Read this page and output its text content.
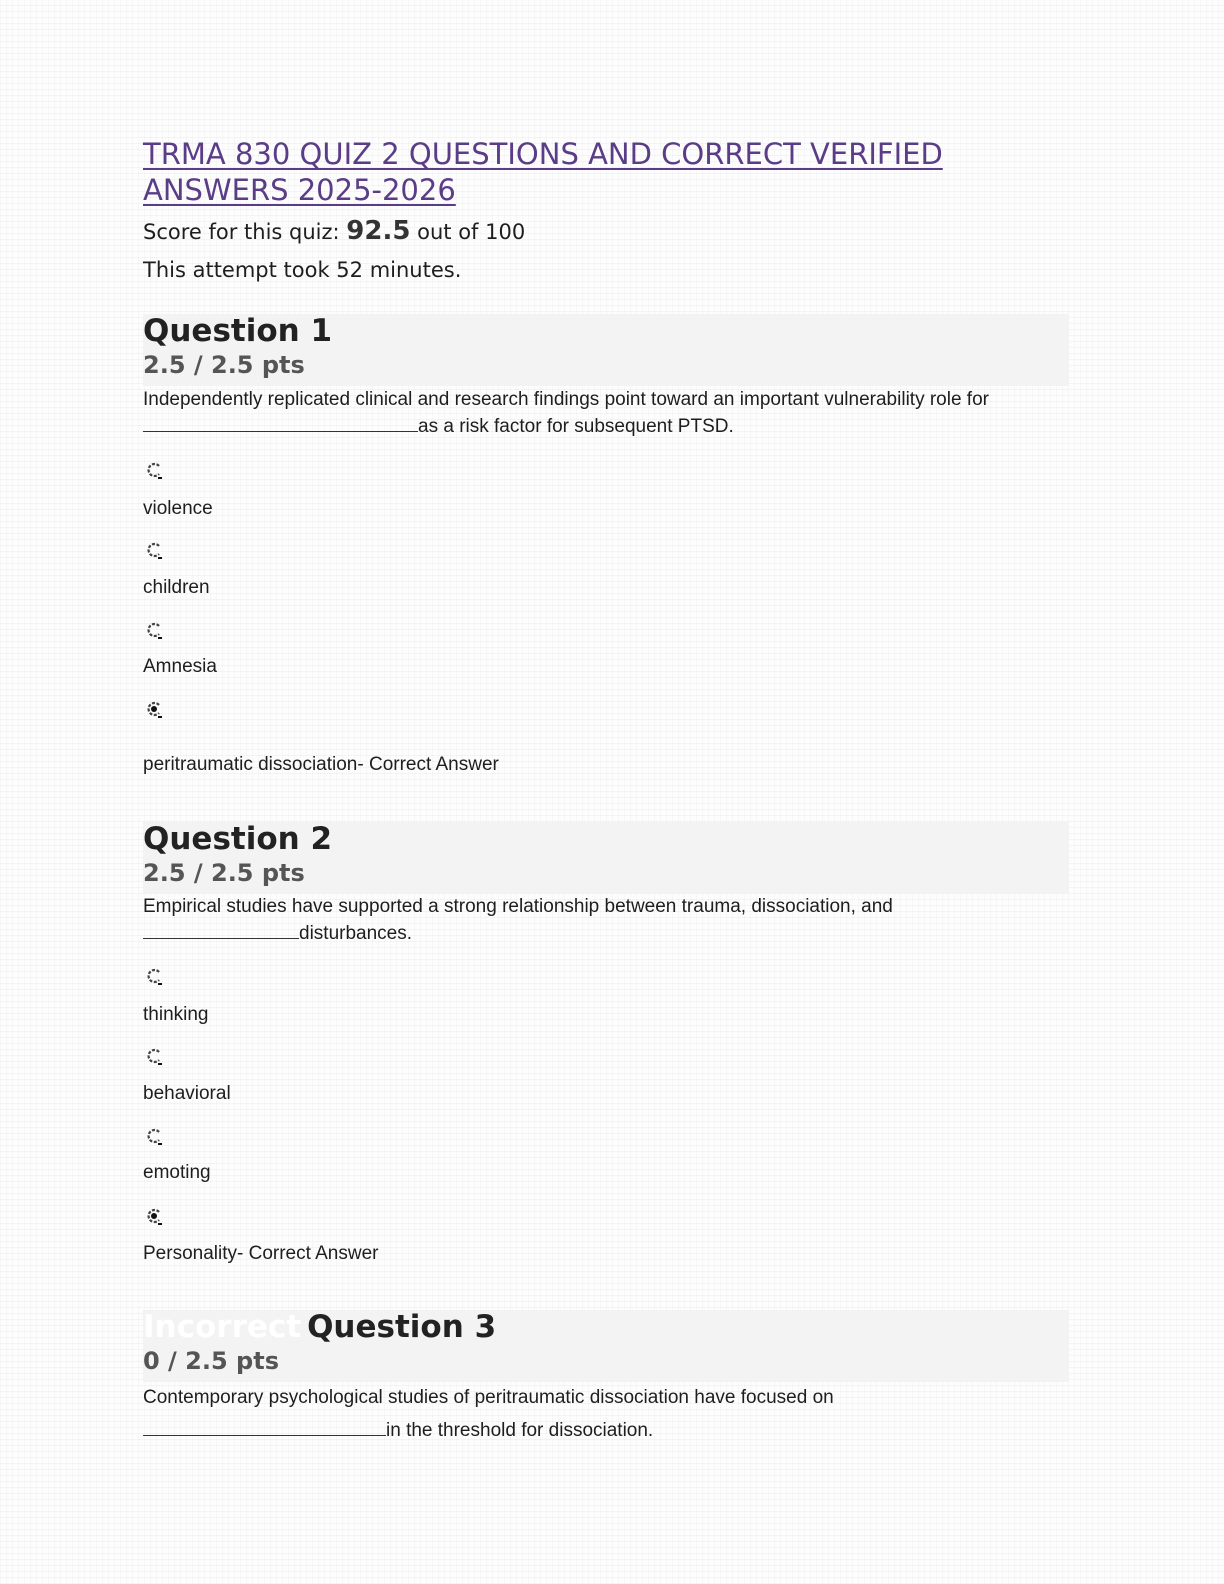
TRMA 830 QUIZ 2 QUESTIONS AND CORRECT VERIFIED ANSWERS 2025-2026
Score for this quiz: 92.5 out of 100
This attempt took 52 minutes.
Question 1
2.5 / 2.5 pts
Independently replicated clinical and research findings point toward an important vulnerability role for
as a risk factor for subsequent PTSD.
violence
children
Amnesia
peritraumatic dissociation- Correct Answer
Question 2
2.5 / 2.5 pts
Empirical studies have supported a strong relationship between trauma, dissociation, and
disturbances.
thinking
behavioral
emoting
Personality- Correct Answer
Incorrect Question 3
0 / 2.5 pts
Contemporary psychological studies of peritraumatic dissociation have focused on
in the threshold for dissociation.
